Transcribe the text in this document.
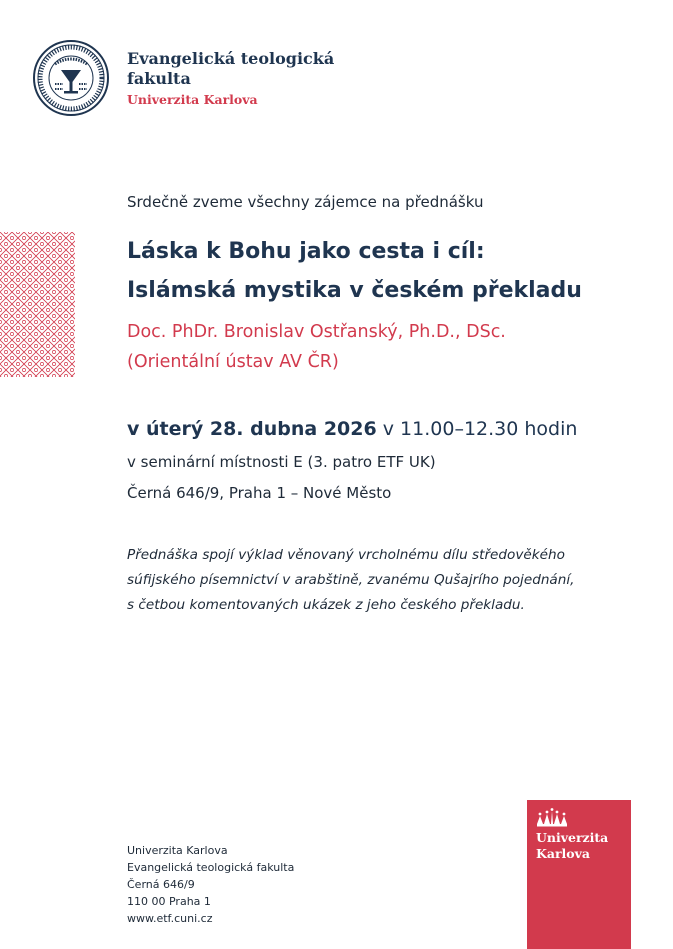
Evangelická teologická fakulta
Univerzita Karlova
Srdečně zveme všechny zájemce na přednášku
Láska k Bohu jako cesta i cíl:
Islámská mystika v českém překladu
Doc. PhDr. Bronislav Ostřanský, Ph.D., DSc.
(Orientální ústav AV ČR)
v úterý 28. dubna 2026 v 11.00–12.30 hodin
v seminární místnosti E (3. patro ETF UK)
Černá 646/9, Praha 1 – Nové Město
Přednáška spojí výklad věnovaný vrcholnému dílu středověkého
súfijského písemnictví v arabštině, zvanému Qušajrího pojednání,
s četbou komentovaných ukázek z jeho českého překladu.
Univerzita Karlova
Evangelická teologická fakulta
Černá 646/9
110 00 Praha 1
www.etf.cuni.cz
Univerzita
Karlova
